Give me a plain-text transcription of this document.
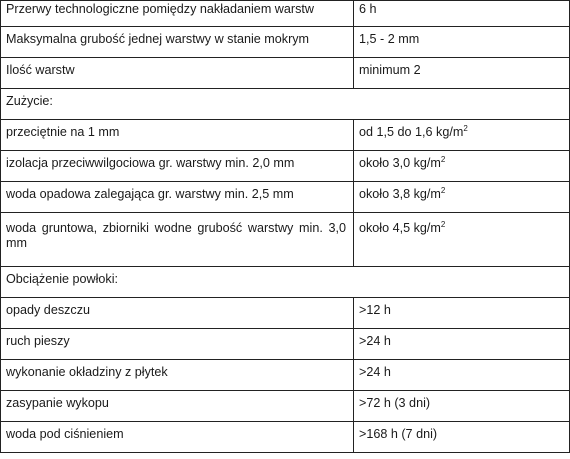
Przerwy technologiczne pomiędzy nakładaniem warstw	6 h
Maksymalna grubość jednej warstwy w stanie mokrym	1,5 - 2 mm
Ilość warstw	minimum 2
Zużycie:	
przeciętnie na 1 mm	od 1,5 do 1,6 $kg/m^2$
izolacja przeciwwilgociowa gr. warstwy min. 2,0 mm	około 3,0 $kg/m^2$
woda opadowa zalegająca gr. warstwy min. 2,5 mm	około 3,8 $kg/m^2$
woda gruntowa, zbiorniki wodne grubość warstwy min. 3,0 mm	około 4,5 $kg/m^2$
Obciążenie powłoki:	
opady deszczu	>12 h
ruch pieszy	>24 h
wykonanie okładziny z płytek	>24 h
zasypanie wykopu	>72 h (3 dni)
woda pod ciśnieniem	>168 h (7 dni)
